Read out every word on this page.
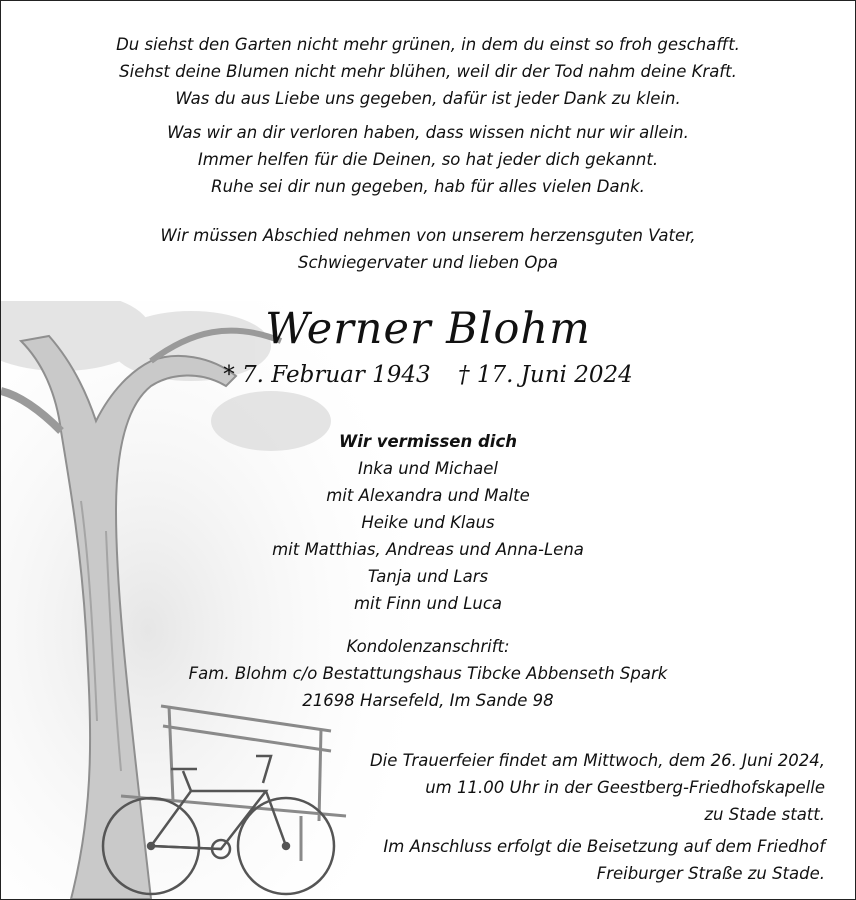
Du siehst den Garten nicht mehr grünen, in dem du einst so froh geschafft.
Siehst deine Blumen nicht mehr blühen, weil dir der Tod nahm deine Kraft.
Was du aus Liebe uns gegeben, dafür ist jeder Dank zu klein.
Was wir an dir verloren haben, dass wissen nicht nur wir allein.
Immer helfen für die Deinen, so hat jeder dich gekannt.
Ruhe sei dir nun gegeben, hab für alles vielen Dank.
Wir müssen Abschied nehmen von unserem herzensguten Vater,
Schwiegervater und lieben Opa
Werner Blohm
* 7. Februar 1943 † 17. Juni 2024
Wir vermissen dich
Inka und Michael
mit Alexandra und Malte
Heike und Klaus
mit Matthias, Andreas und Anna-Lena
Tanja und Lars
mit Finn und Luca
Kondolenzanschrift:
Fam. Blohm c/o Bestattungshaus Tibcke Abbenseth Spark
21698 Harsefeld, Im Sande 98
Die Trauerfeier findet am Mittwoch, dem 26. Juni 2024,
um 11.00 Uhr in der Geestberg-Friedhofskapelle
zu Stade statt.
Im Anschluss erfolgt die Beisetzung auf dem Friedhof
Freiburger Straße zu Stade.
